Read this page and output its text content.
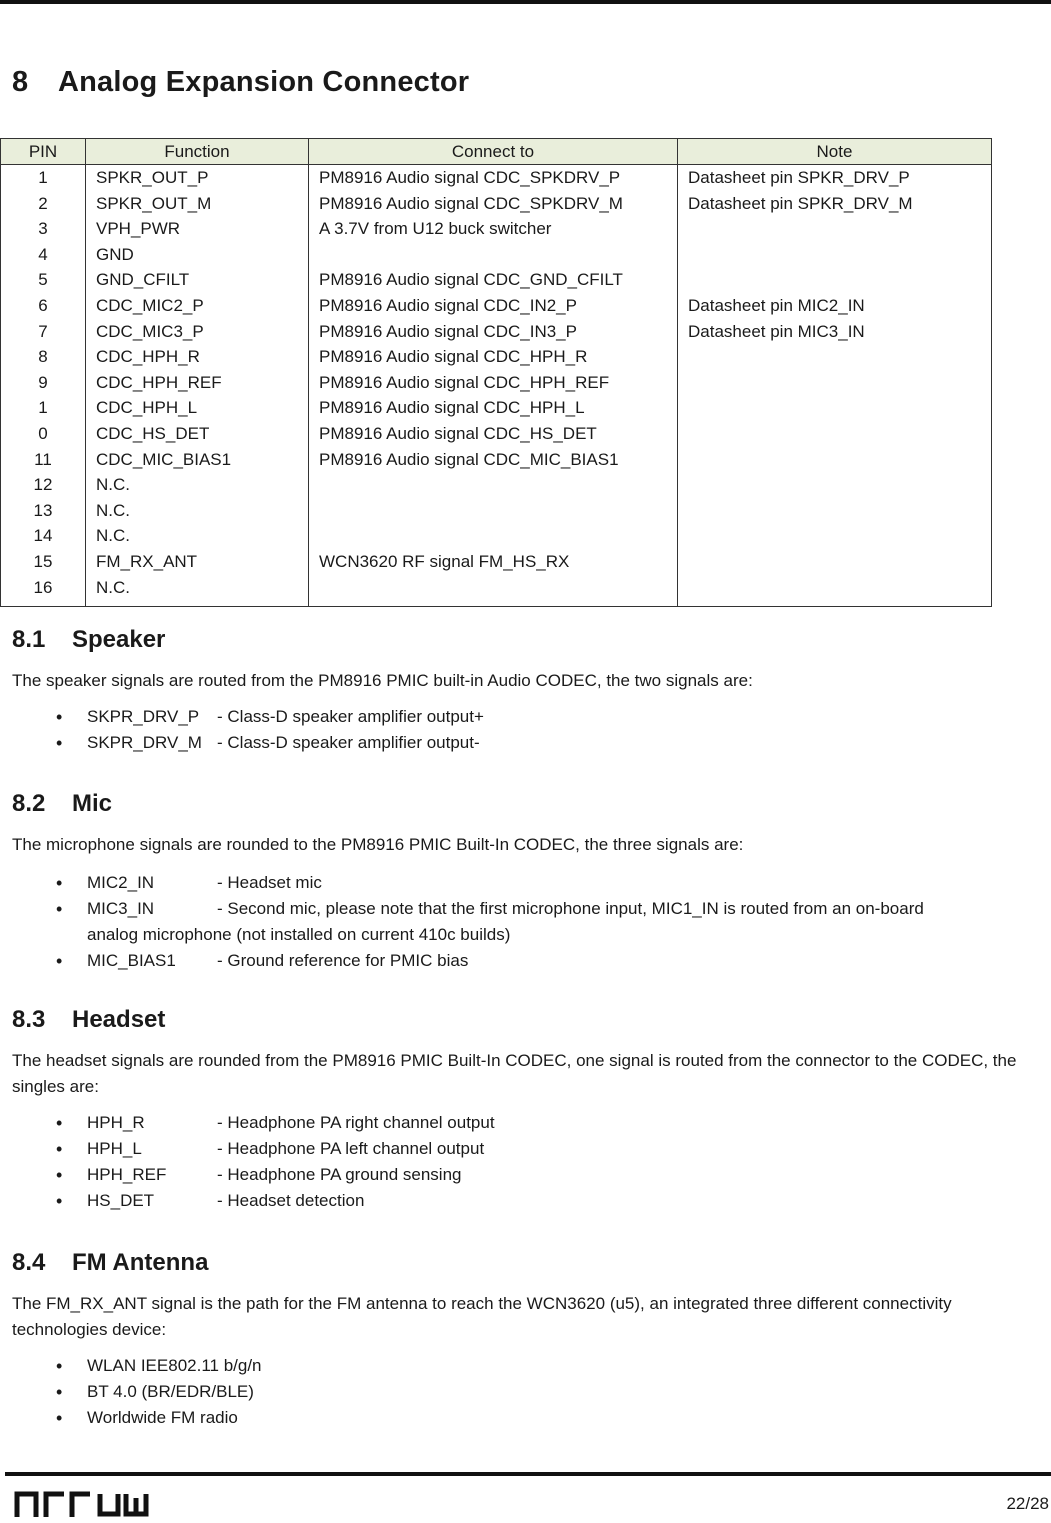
8 Analog Expansion Connector
PIN	Function	Connect to	Note
1	SPKR_OUT_P	PM8916 Audio signal CDC_SPKDRV_P	Datasheet pin SPKR_DRV_P
2	SPKR_OUT_M	PM8916 Audio signal CDC_SPKDRV_M	Datasheet pin SPKR_DRV_M
3	VPH_PWR	A 3.7V from U12 buck switcher	
4	GND		
5	GND_CFILT	PM8916 Audio signal CDC_GND_CFILT	
6	CDC_MIC2_P	PM8916 Audio signal CDC_IN2_P	Datasheet pin MIC2_IN
7	CDC_MIC3_P	PM8916 Audio signal CDC_IN3_P	Datasheet pin MIC3_IN
8	CDC_HPH_R	PM8916 Audio signal CDC_HPH_R	
9	CDC_HPH_REF	PM8916 Audio signal CDC_HPH_REF	
1	CDC_HPH_L	PM8916 Audio signal CDC_HPH_L	
0	CDC_HS_DET	PM8916 Audio signal CDC_HS_DET	
11	CDC_MIC_BIAS1	PM8916 Audio signal CDC_MIC_BIAS1	
12	N.C.		
13	N.C.		
14	N.C.		
15	FM_RX_ANT	WCN3620 RF signal FM_HS_RX	
16	N.C.		

8.1 Speaker

The speaker signals are routed from the PM8916 PMIC built-in Audio CODEC, the two signals are:

• SKPR_DRV_P - Class-D speaker amplifier output+
• SKPR_DRV_M - Class-D speaker amplifier output-
8.2 Mic

The microphone signals are rounded to the PM8916 PMIC Built-In CODEC, the three signals are:

• MIC2_IN	- Headset mic
• MIC3_IN	- Second mic, please note that the first microphone input, MIC1_IN is routed from an on-board
analog microphone (not installed on current 410c builds)
• MIC_BIAS1 - Ground reference for PMIC bias
8.3 Headset

The headset signals are rounded from the PM8916 PMIC Built-In CODEC, one signal is routed from the connector to the CODEC, the singles are:

• HPH_R	- Headphone PA right channel output
• HPH_L	- Headphone PA left channel output
• HPH_REF	- Headphone PA ground sensing
• HS_DET	- Headset detection
8.4 FM Antenna

The FM_RX_ANT signal is the path for the FM antenna to reach the WCN3620 (u5), an integrated three different connectivity technologies device:

• WLAN IEE802.11 b/g/n
• BT 4.0 (BR/EDR/BLE)
• Worldwide FM radio
22/28
